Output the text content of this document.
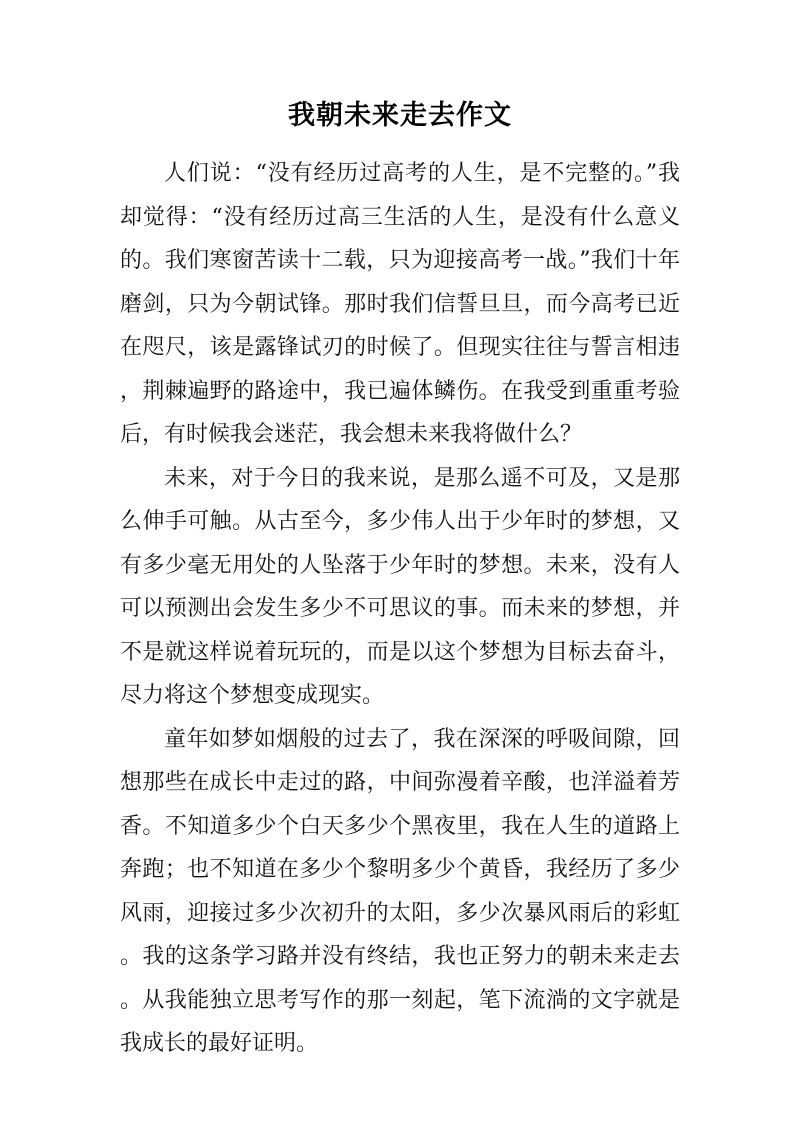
我朝未来走去作文

人们说：“没有经历过高考的人生，是不完整的。”我却觉得：“没有经历过高三生活的人生，是没有什么意义的。我们寒窗苦读十二载，只为迎接高考一战。”我们十年磨剑，只为今朝试锋。那时我们信誓旦旦，而今高考已近在咫尺，该是露锋试刃的时候了。但现实往往与誓言相违，荆棘遍野的路途中，我已遍体鳞伤。在我受到重重考验后，有时候我会迷茫，我会想未来我将做什么？

未来，对于今日的我来说，是那么遥不可及，又是那么伸手可触。从古至今，多少伟人出于少年时的梦想，又有多少毫无用处的人坠落于少年时的梦想。未来，没有人可以预测出会发生多少不可思议的事。而未来的梦想，并不是就这样说着玩玩的，而是以这个梦想为目标去奋斗，尽力将这个梦想变成现实。

童年如梦如烟般的过去了，我在深深的呼吸间隙，回想那些在成长中走过的路，中间弥漫着辛酸，也洋溢着芳香。不知道多少个白天多少个黑夜里，我在人生的道路上奔跑；也不知道在多少个黎明多少个黄昏，我经历了多少风雨，迎接过多少次初升的太阳，多少次暴风雨后的彩虹。我的这条学习路并没有终结，我也正努力的朝未来走去。从我能独立思考写作的那一刻起，笔下流淌的文字就是我成长的最好证明。
